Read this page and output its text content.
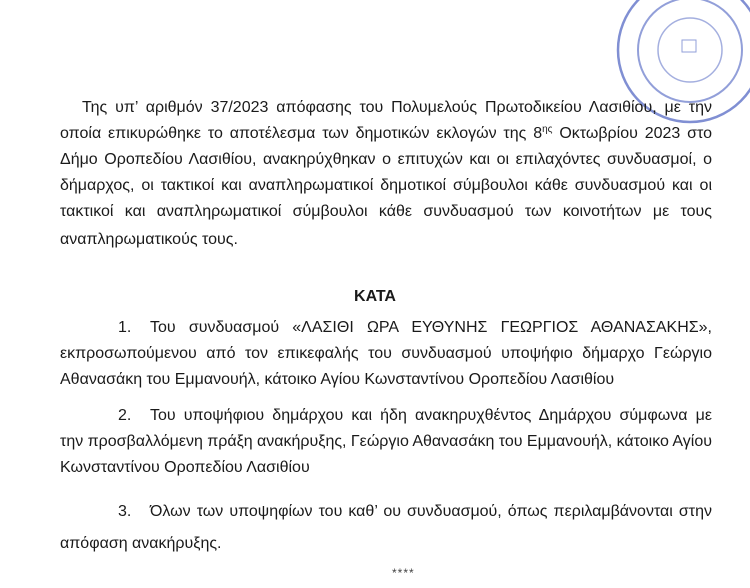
Της υπ’ αριθμόν 37/2023 απόφασης του Πολυμελούς Πρωτοδικείου Λασιθίου, με την
οποία επικυρώθηκε το αποτέλεσμα των δημοτικών εκλογών της $8^{\eta\varsigma}$ Οκτωβρίου 2023 στο
Δήμο Οροπεδίου Λασιθίου, ανακηρύχθηκαν ο επιτυχών και οι επιλαχόντες συνδυασμοί, ο
δήμαρχος, οι τακτικοί και αναπληρωματικοί δημοτικοί σύμβουλοι κάθε συνδυασμού και οι
τακτικοί και αναπληρωματικοί σύμβουλοι κάθε συνδυασμού των κοινοτήτων με τους
αναπληρωματικούς τους.
ΚΑΤΑ
1. Του συνδυασμού «ΛΑΣΙΘΙ ΩΡΑ ΕΥΘΥΝΗΣ ΓΕΩΡΓΙΟΣ ΑΘΑΝΑΣΑΚΗΣ»,
εκπροσωπούμενου από τον επικεφαλής του συνδυασμού υποψήφιο δήμαρχο Γεώργιο
Αθανασάκη του Εμμανουήλ, κάτοικο Αγίου Κωνσταντίνου Οροπεδίου Λασιθίου
2. Του υποψήφιου δημάρχου και ήδη ανακηρυχθέντος Δημάρχου σύμφωνα με
την προσβαλλόμενη πράξη ανακήρυξης, Γεώργιο Αθανασάκη του Εμμανουήλ, κάτοικο Αγίου
Κωνσταντίνου Οροπεδίου Λασιθίου
3. Όλων των υποψηφίων του καθ’ ου συνδυασμού, όπως περιλαμβάνονται στην
απόφαση ανακήρυξης.
****
